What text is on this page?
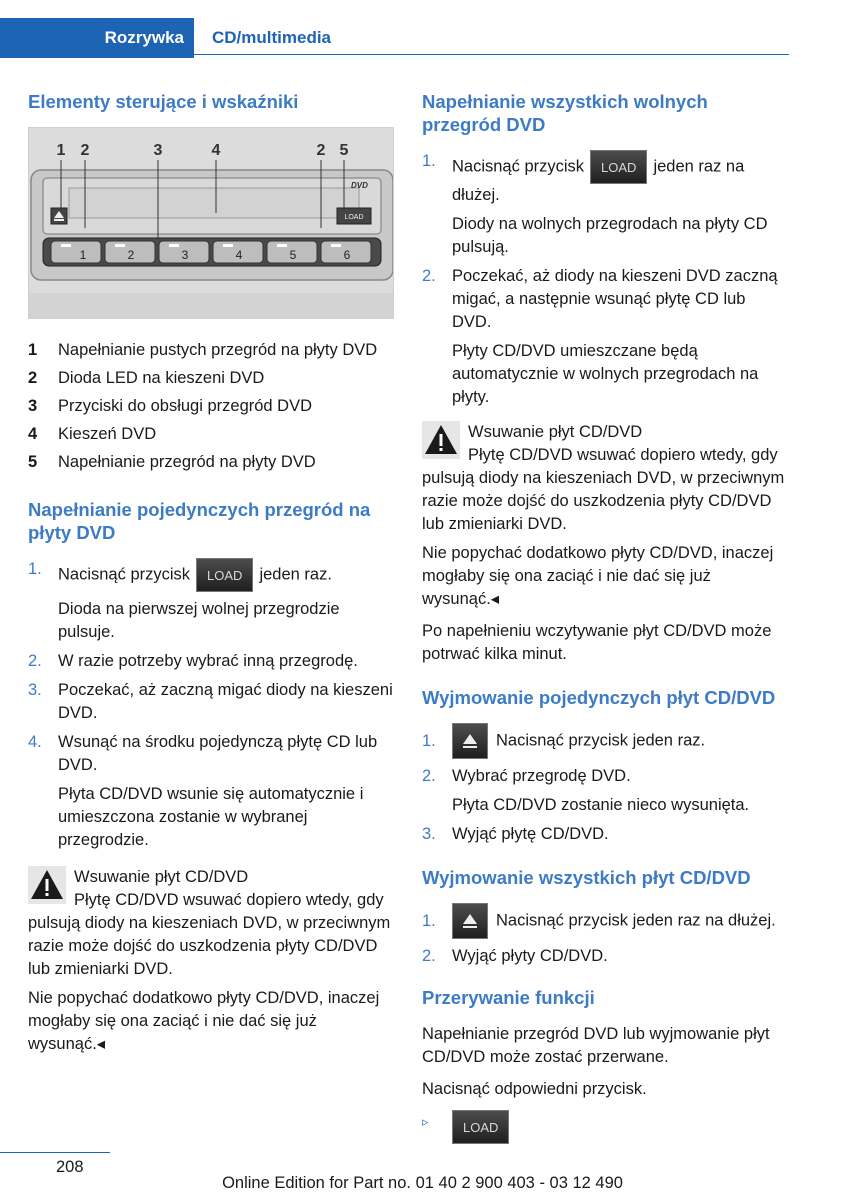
Rozrywka	CD/multimedia
Elementy sterujące i wskaźniki
DVD
LOAD
1	2	3	4	5	6
1 2	3	4	2 5
1	Napełnianie pustych przegród na płyty DVD
2	Dioda LED na kieszeni DVD
3	Przyciski do obsługi przegród DVD
4	Kieszeń DVD
5	Napełnianie przegród na płyty DVD
Napełnianie pojedynczych przegród na płyty DVD
1. Nacisnąć przycisk LOAD jeden raz.
Dioda na pierwszej wolnej przegrodzie pulsuje.
2. W razie potrzeby wybrać inną przegrodę.
3. Poczekać, aż zaczną migać diody na kieszeni DVD.
4. Wsunąć na środku pojedynczą płytę CD lub DVD.
Płyta CD/DVD wsunie się automatycznie i umieszczona zostanie w wybranej przegrodzie.
Wsuwanie płyt CD/DVD
Płytę CD/DVD wsuwać dopiero wtedy, gdy pulsują diody na kieszeniach DVD, w przeciwnym razie może dojść do uszkodzenia płyty CD/DVD lub zmieniarki DVD.

Nie popychać dodatkowo płyty CD/DVD, inaczej mogłaby się ona zaciąć i nie dać się już wysunąć.◂

Napełnianie wszystkich wolnych przegród DVD
1. Nacisnąć przycisk LOAD jeden raz na dłużej.
Diody na wolnych przegrodach na płyty CD pulsują.
2. Poczekać, aż diody na kieszeni DVD zaczną migać, a następnie wsunąć płytę CD lub DVD.
Płyty CD/DVD umieszczane będą automatycznie w wolnych przegrodach na płyty.
Wsuwanie płyt CD/DVD
Płytę CD/DVD wsuwać dopiero wtedy, gdy pulsują diody na kieszeniach DVD, w przeciwnym razie może dojść do uszkodzenia płyty CD/DVD lub zmieniarki DVD.

Nie popychać dodatkowo płyty CD/DVD, inaczej mogłaby się ona zaciąć i nie dać się już wysunąć.◂

Po napełnieniu wczytywanie płyt CD/DVD może potrwać kilka minut.

Wyjmowanie pojedynczych płyt CD/DVD
1.	Nacisnąć przycisk jeden raz.
2. Wybrać przegrodę DVD.
Płyta CD/DVD zostanie nieco wysunięta.
3. Wyjąć płytę CD/DVD.
Wyjmowanie wszystkich płyt CD/DVD
1.	Nacisnąć przycisk jeden raz na dłużej.
2. Wyjąć płyty CD/DVD.
Przerywanie funkcji

Napełnianie przegród DVD lub wyjmowanie płyt CD/DVD może zostać przerwane.

Nacisnąć odpowiedni przycisk.

▹	LOAD
208
Online Edition for Part no. 01 40 2 900 403 - 03 12 490
